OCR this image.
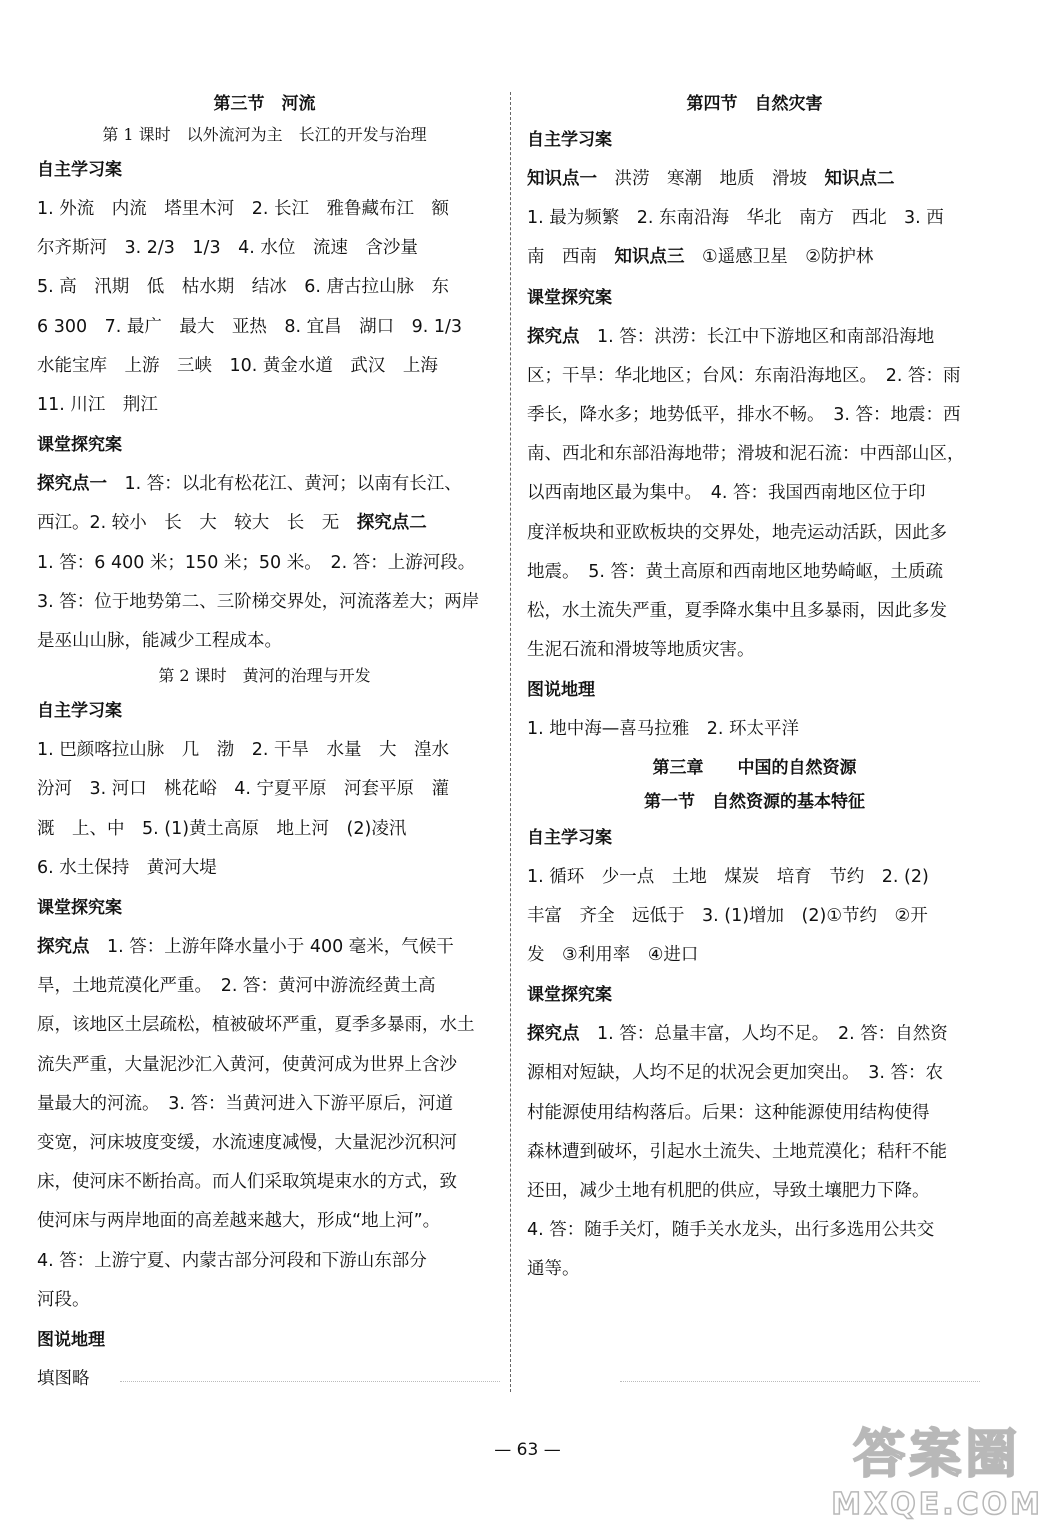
第三节　河流
第 1 课时　以外流河为主　长江的开发与治理
自主学习案

1. 外流　内流　塔里木河　2. 长江　雅鲁藏布江　额

尔齐斯河　3. 2/3　1/3　4. 水位　流速　含沙量

5. 高　汛期　低　枯水期　结冰　6. 唐古拉山脉　东

6 300　7. 最广　最大　亚热　8. 宜昌　湖口　9. 1/3

水能宝库　上游　三峡　10. 黄金水道　武汉　上海

11. 川江　荆江

课堂探究案

探究点一　1. 答：以北有松花江、黄河；以南有长江、

西江。2. 较小　长　大　较大　长　无　探究点二

1. 答：6 400 米；150 米；50 米。　2. 答：上游河段。

3. 答：位于地势第二、三阶梯交界处，河流落差大；两岸

是巫山山脉，能减少工程成本。

第 2 课时　黄河的治理与开发
自主学习案

1. 巴颜喀拉山脉　几　渤　2. 干旱　水量　大　湟水

汾河　3. 河口　桃花峪　4. 宁夏平原　河套平原　灌

溉　上、中　5. (1)黄土高原　地上河　(2)凌汛

6. 水土保持　黄河大堤

课堂探究案

探究点　1. 答：上游年降水量小于 400 毫米，气候干

旱，土地荒漠化严重。　2. 答：黄河中游流经黄土高

原，该地区土层疏松，植被破坏严重，夏季多暴雨，水土

流失严重，大量泥沙汇入黄河，使黄河成为世界上含沙

量最大的河流。　3. 答：当黄河进入下游平原后，河道

变宽，河床坡度变缓，水流速度减慢，大量泥沙沉积河

床，使河床不断抬高。而人们采取筑堤束水的方式，致

使河床与两岸地面的高差越来越大，形成“地上河”。

4. 答：上游宁夏、内蒙古部分河段和下游山东部分

河段。

图说地理

填图略

第四节　自然灾害
自主学习案

知识点一　洪涝　寒潮　地质　滑坡　知识点二

1. 最为频繁　2. 东南沿海　华北　南方　西北　3. 西

南　西南　知识点三　①遥感卫星　②防护林

课堂探究案

探究点　1. 答：洪涝：长江中下游地区和南部沿海地

区；干旱：华北地区；台风：东南沿海地区。　2. 答：雨

季长，降水多；地势低平，排水不畅。　3. 答：地震：西

南、西北和东部沿海地带；滑坡和泥石流：中西部山区，

以西南地区最为集中。　4. 答：我国西南地区位于印

度洋板块和亚欧板块的交界处，地壳运动活跃，因此多

地震。　5. 答：黄土高原和西南地区地势崎岖，土质疏

松，水土流失严重，夏季降水集中且多暴雨，因此多发

生泥石流和滑坡等地质灾害。

图说地理

1. 地中海—喜马拉雅　2. 环太平洋

第三章　　中国的自然资源
第一节　自然资源的基本特征
自主学习案

1. 循环　少一点　土地　煤炭　培育　节约　2. (2)

丰富　齐全　远低于　3. (1)增加　(2)①节约　②开

发　③利用率　④进口

课堂探究案

探究点　1. 答：总量丰富，人均不足。　2. 答：自然资

源相对短缺，人均不足的状况会更加突出。　3. 答：农

村能源使用结构落后。后果：这种能源使用结构使得

森林遭到破坏，引起水土流失、土地荒漠化；秸秆不能

还田，减少土地有机肥的供应，导致土壤肥力下降。

4. 答：随手关灯，随手关水龙头，出行多选用公共交

通等。

— 63 —	答案圈
MXQE.COM
